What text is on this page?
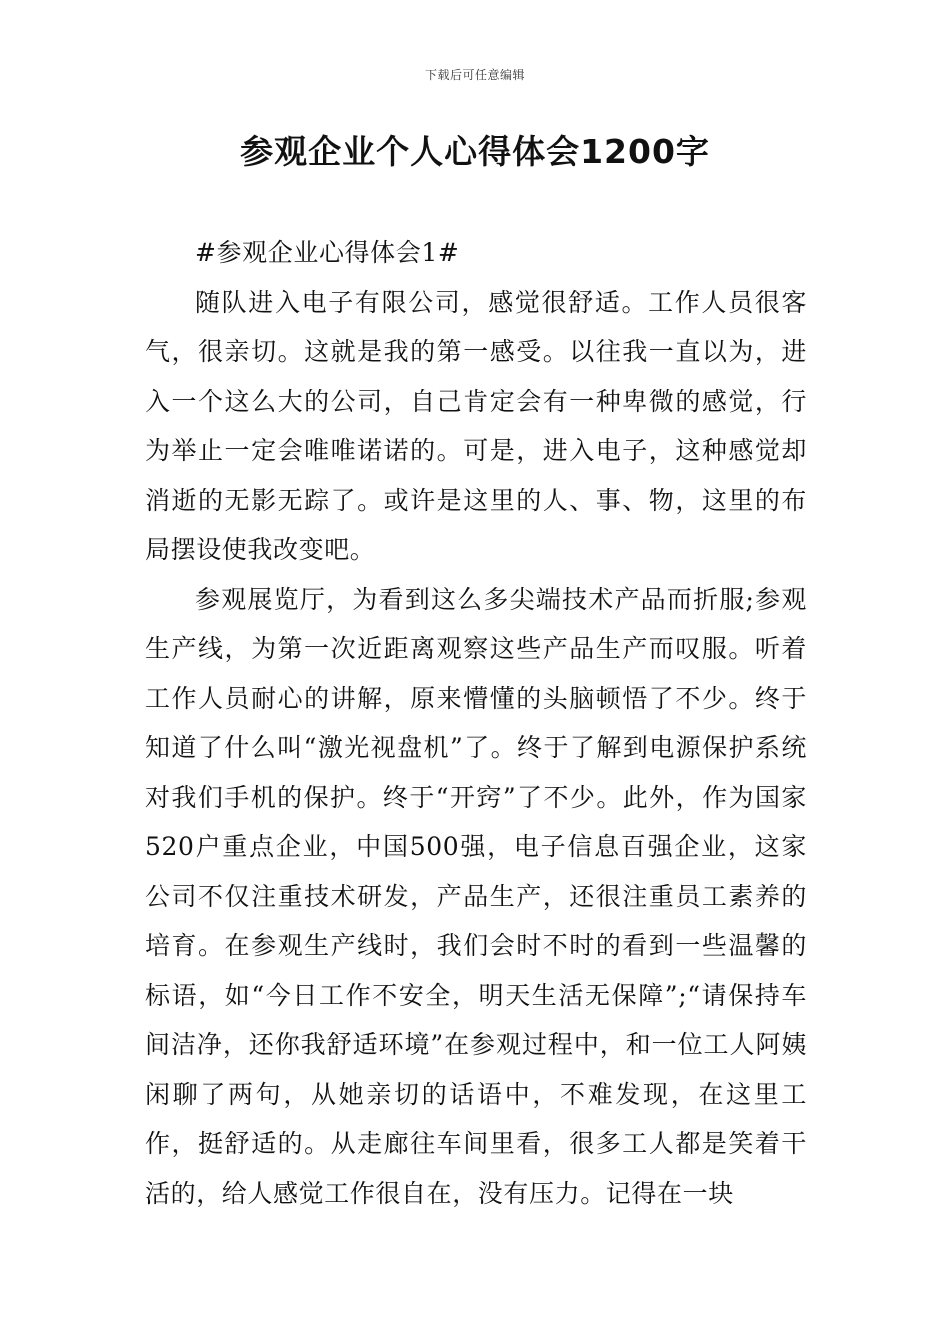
下载后可任意编辑
参观企业个人心得体会1200字

#参观企业心得体会1#

随队进入电子有限公司，感觉很舒适。工作人员很客气，很亲切。这就是我的第一感受。以往我一直以为，进入一个这么大的公司，自己肯定会有一种卑微的感觉，行为举止一定会唯唯诺诺的。可是，进入电子，这种感觉却消逝的无影无踪了。或许是这里的人、事、物，这里的布局摆设使我改变吧。

参观展览厅，为看到这么多尖端技术产品而折服;参观生产线，为第一次近距离观察这些产品生产而叹服。听着工作人员耐心的讲解，原来懵懂的头脑顿悟了不少。终于知道了什么叫“激光视盘机”了。终于了解到电源保护系统对我们手机的保护。终于“开窍”了不少。此外，作为国家520户重点企业，中国500强，电子信息百强企业，这家公司不仅注重技术研发，产品生产，还很注重员工素养的培育。在参观生产线时，我们会时不时的看到一些温馨的标语，如“今日工作不安全，明天生活无保障”;“请保持车间洁净，还你我舒适环境”在参观过程中，和一位工人阿姨闲聊了两句，从她亲切的话语中，不难发现，在这里工作，挺舒适的。从走廊往车间里看，很多工人都是笑着干活的，给人感觉工作很自在，没有压力。记得在一块
